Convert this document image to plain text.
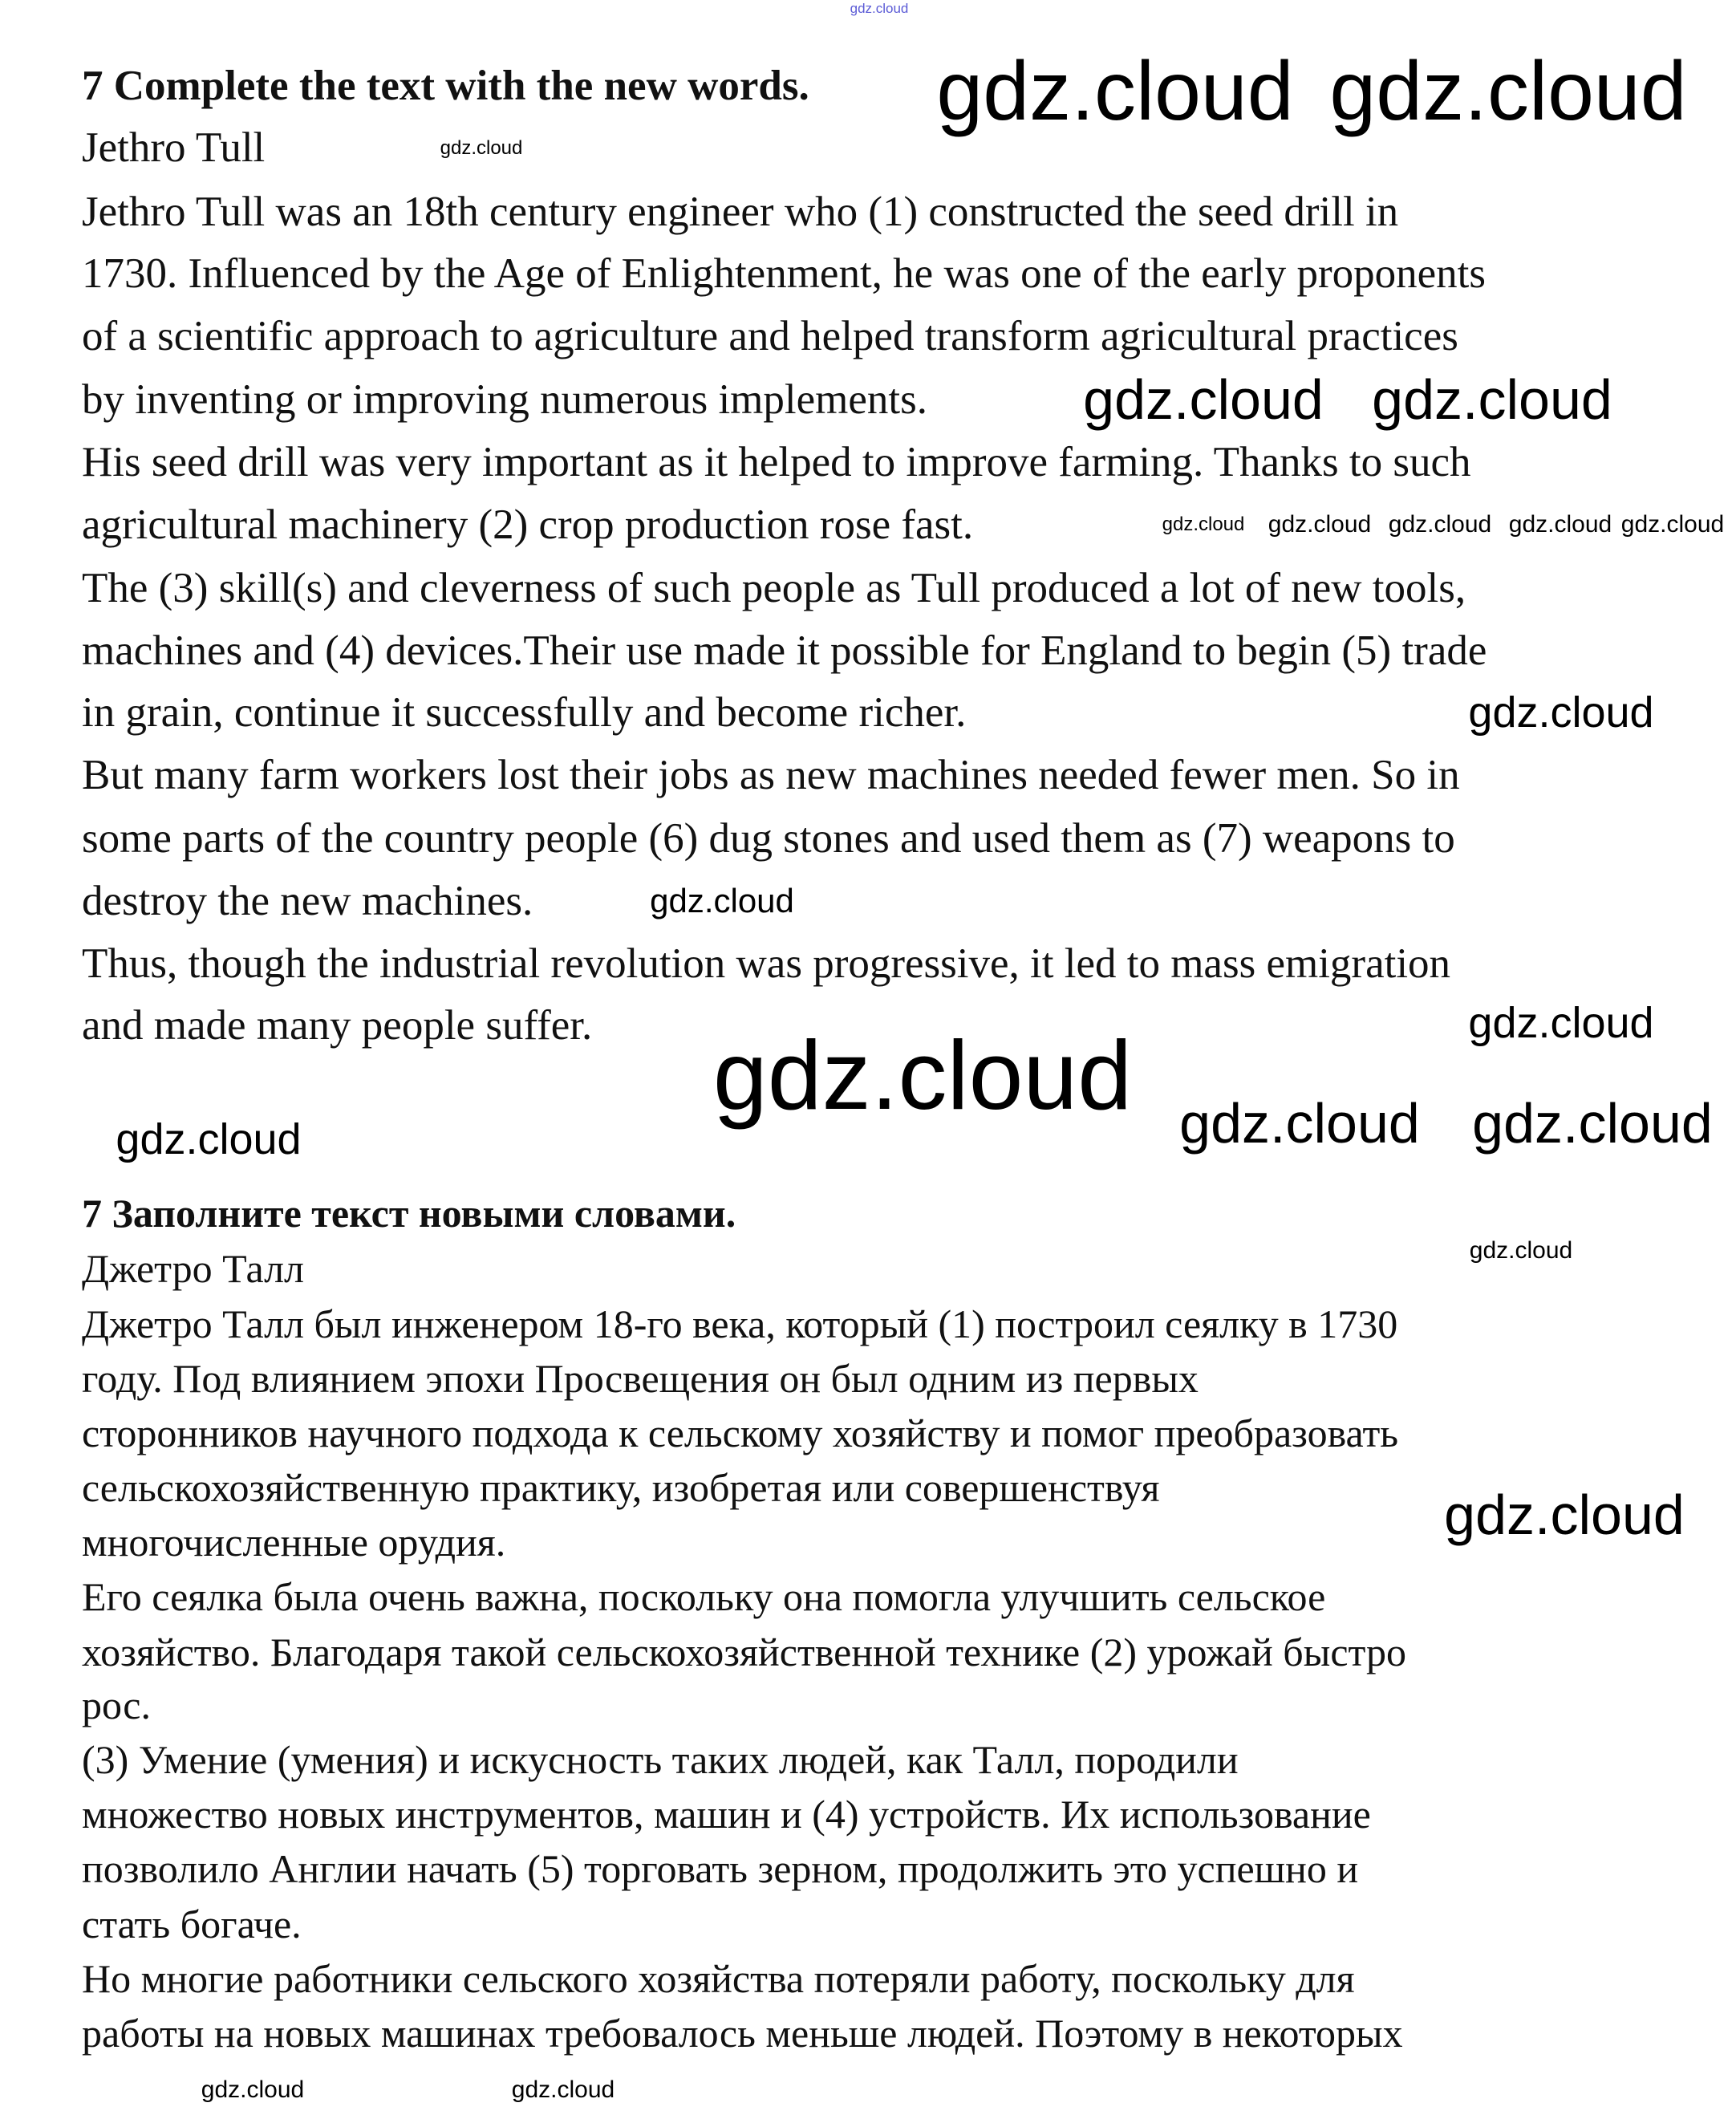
7 Complete the text with the new words.
Jethro Tull
Jethro Tull was an 18th century engineer who (1) constructed the seed drill in
1730. Influenced by the Age of Enlightenment, he was one of the early proponents
of a scientific approach to agriculture and helped transform agricultural practices
by inventing or improving numerous implements.
His seed drill was very important as it helped to improve farming. Thanks to such
agricultural machinery (2) crop production rose fast.
The (3) skill(s) and cleverness of such people as Tull produced a lot of new tools,
machines and (4) devices.Their use made it possible for England to begin (5) trade
in grain, continue it successfully and become richer.
But many farm workers lost their jobs as new machines needed fewer men. So in
some parts of the country people (6) dug stones and used them as (7) weapons to
destroy the new machines.
Thus, though the industrial revolution was progressive, it led to mass emigration
and made many people suffer.
7 Заполните текст новыми словами.
Джетро Талл
Джетро Талл был инженером 18-го века, который (1) построил сеялку в 1730
году. Под влиянием эпохи Просвещения он был одним из первых
сторонников научного подхода к сельскому хозяйству и помог преобразовать
сельскохозяйственную практику, изобретая или совершенствуя
многочисленные орудия.
Его сеялка была очень важна, поскольку она помогла улучшить сельское
хозяйство. Благодаря такой сельскохозяйственной технике (2) урожай быстро
рос.
(3) Умение (умения) и искусность таких людей, как Талл, породили
множество новых инструментов, машин и (4) устройств. Их использование
позволило Англии начать (5) торговать зерном, продолжить это успешно и
стать богаче.
Но многие работники сельского хозяйства потеряли работу, поскольку для
работы на новых машинах требовалось меньше людей. Поэтому в некоторых
gdz.cloud
gdz.cloud gdz.cloud
gdz.cloud
gdz.cloud gdz.cloud
gdz.cloud gdz.cloud gdz.cloud gdz.cloud gdz.cloud
gdz.cloud
gdz.cloud
gdz.cloud
gdz.cloud
gdz.cloud	gdz.cloud gdz.cloud
gdz.cloud
gdz.cloud
gdz.cloud	gdz.cloud
